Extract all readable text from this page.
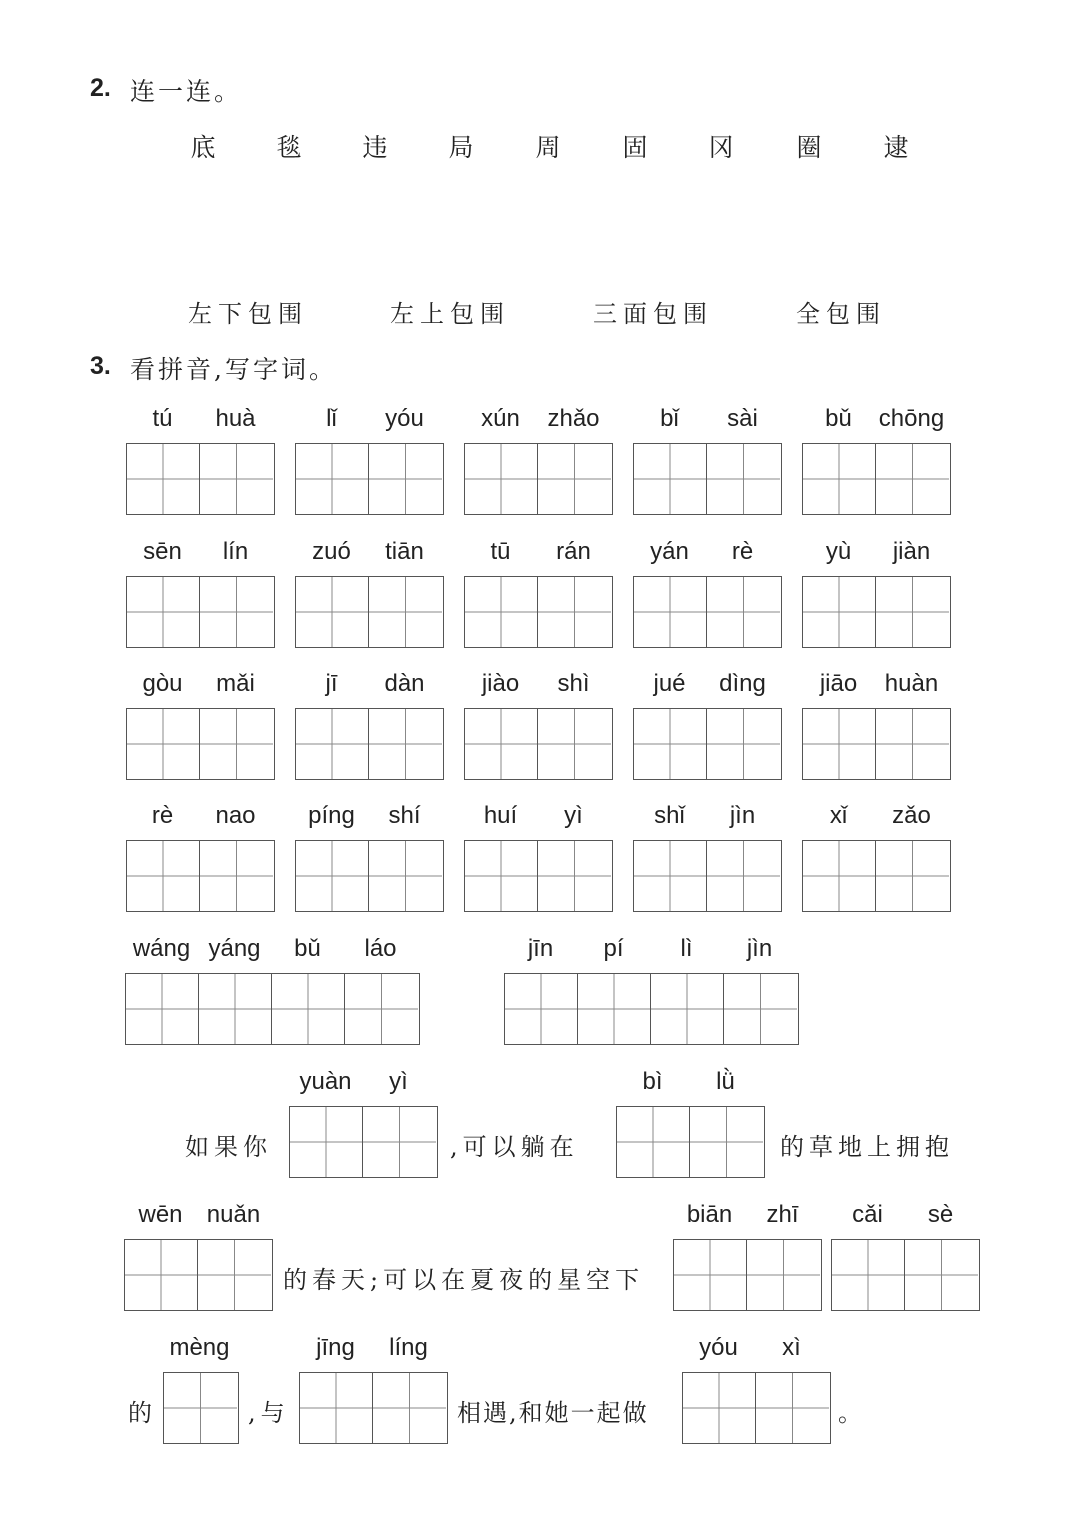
2. 连一连。
底	毯	违	局	周	固	冈	圈	逮
左下包围	左上包围	三面包围	全包围
3. 看拼音,写字词。
tú	huà	lǐ	yóu	xún	zhǎo	bǐ	sài	bǔ	chōng
sēn	lín	zuó	tiān	tū	rán	yán	rè	yù	jiàn
gòu	mǎi	jī	dàn	jiào	shì	jué	dìng	jiāo	huàn
rè	nao	píng	shí	huí	yì	shǐ	jìn	xǐ	zǎo
wáng yáng	bǔ	láo	jīn	pí	lì	jìn
如果你	,可以躺在	的草地上拥抱
的春天;可以在夏夜的星空下
的	,与	相遇,和她一起做	。
yuàn	yì	bì	lǜ
wēn	nuǎn	biān	zhī	cǎi	sè
mèng	jīng	líng	yóu	xì
